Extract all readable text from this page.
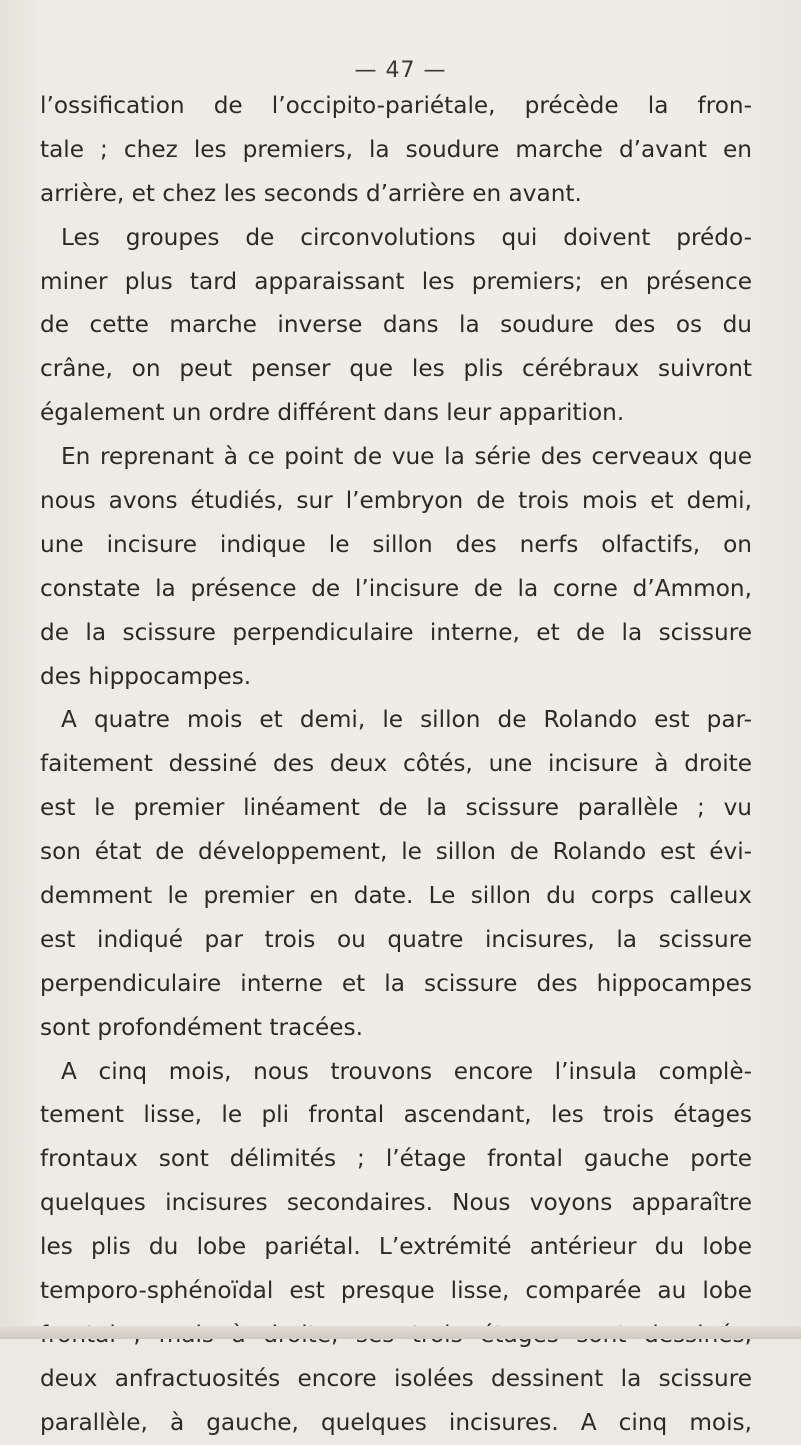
— 47 —
l’ossification de l’occipito-pariétale, précède la fron-
tale ; chez les premiers, la soudure marche d’avant en
arrière, et chez les seconds d’arrière en avant.
Les groupes de circonvolutions qui doivent prédo-
miner plus tard apparaissant les premiers; en présence
de cette marche inverse dans la soudure des os du
crâne, on peut penser que les plis cérébraux suivront
également un ordre différent dans leur apparition.
En reprenant à ce point de vue la série des cerveaux que
nous avons étudiés, sur l’embryon de trois mois et demi,
une incisure indique le sillon des nerfs olfactifs, on
constate la présence de l’incisure de la corne d’Ammon,
de la scissure perpendiculaire interne, et de la scissure
des hippocampes.
A quatre mois et demi, le sillon de Rolando est par-
faitement dessiné des deux côtés, une incisure à droite
est le premier linéament de la scissure parallèle ; vu
son état de développement, le sillon de Rolando est évi-
demment le premier en date. Le sillon du corps calleux
est indiqué par trois ou quatre incisures, la scissure
perpendiculaire interne et la scissure des hippocampes
sont profondément tracées.
A cinq mois, nous trouvons encore l’insula complè-
tement lisse, le pli frontal ascendant, les trois étages
frontaux sont délimités ; l’étage frontal gauche porte
quelques incisures secondaires. Nous voyons apparaître
les plis du lobe pariétal. L’extrémité antérieur du lobe
temporo-sphénoïdal est presque lisse, comparée au lobe
deux anfractuosités encore isolées dessinent la scissure
parallèle, à gauche, quelques incisures. A cinq mois,
